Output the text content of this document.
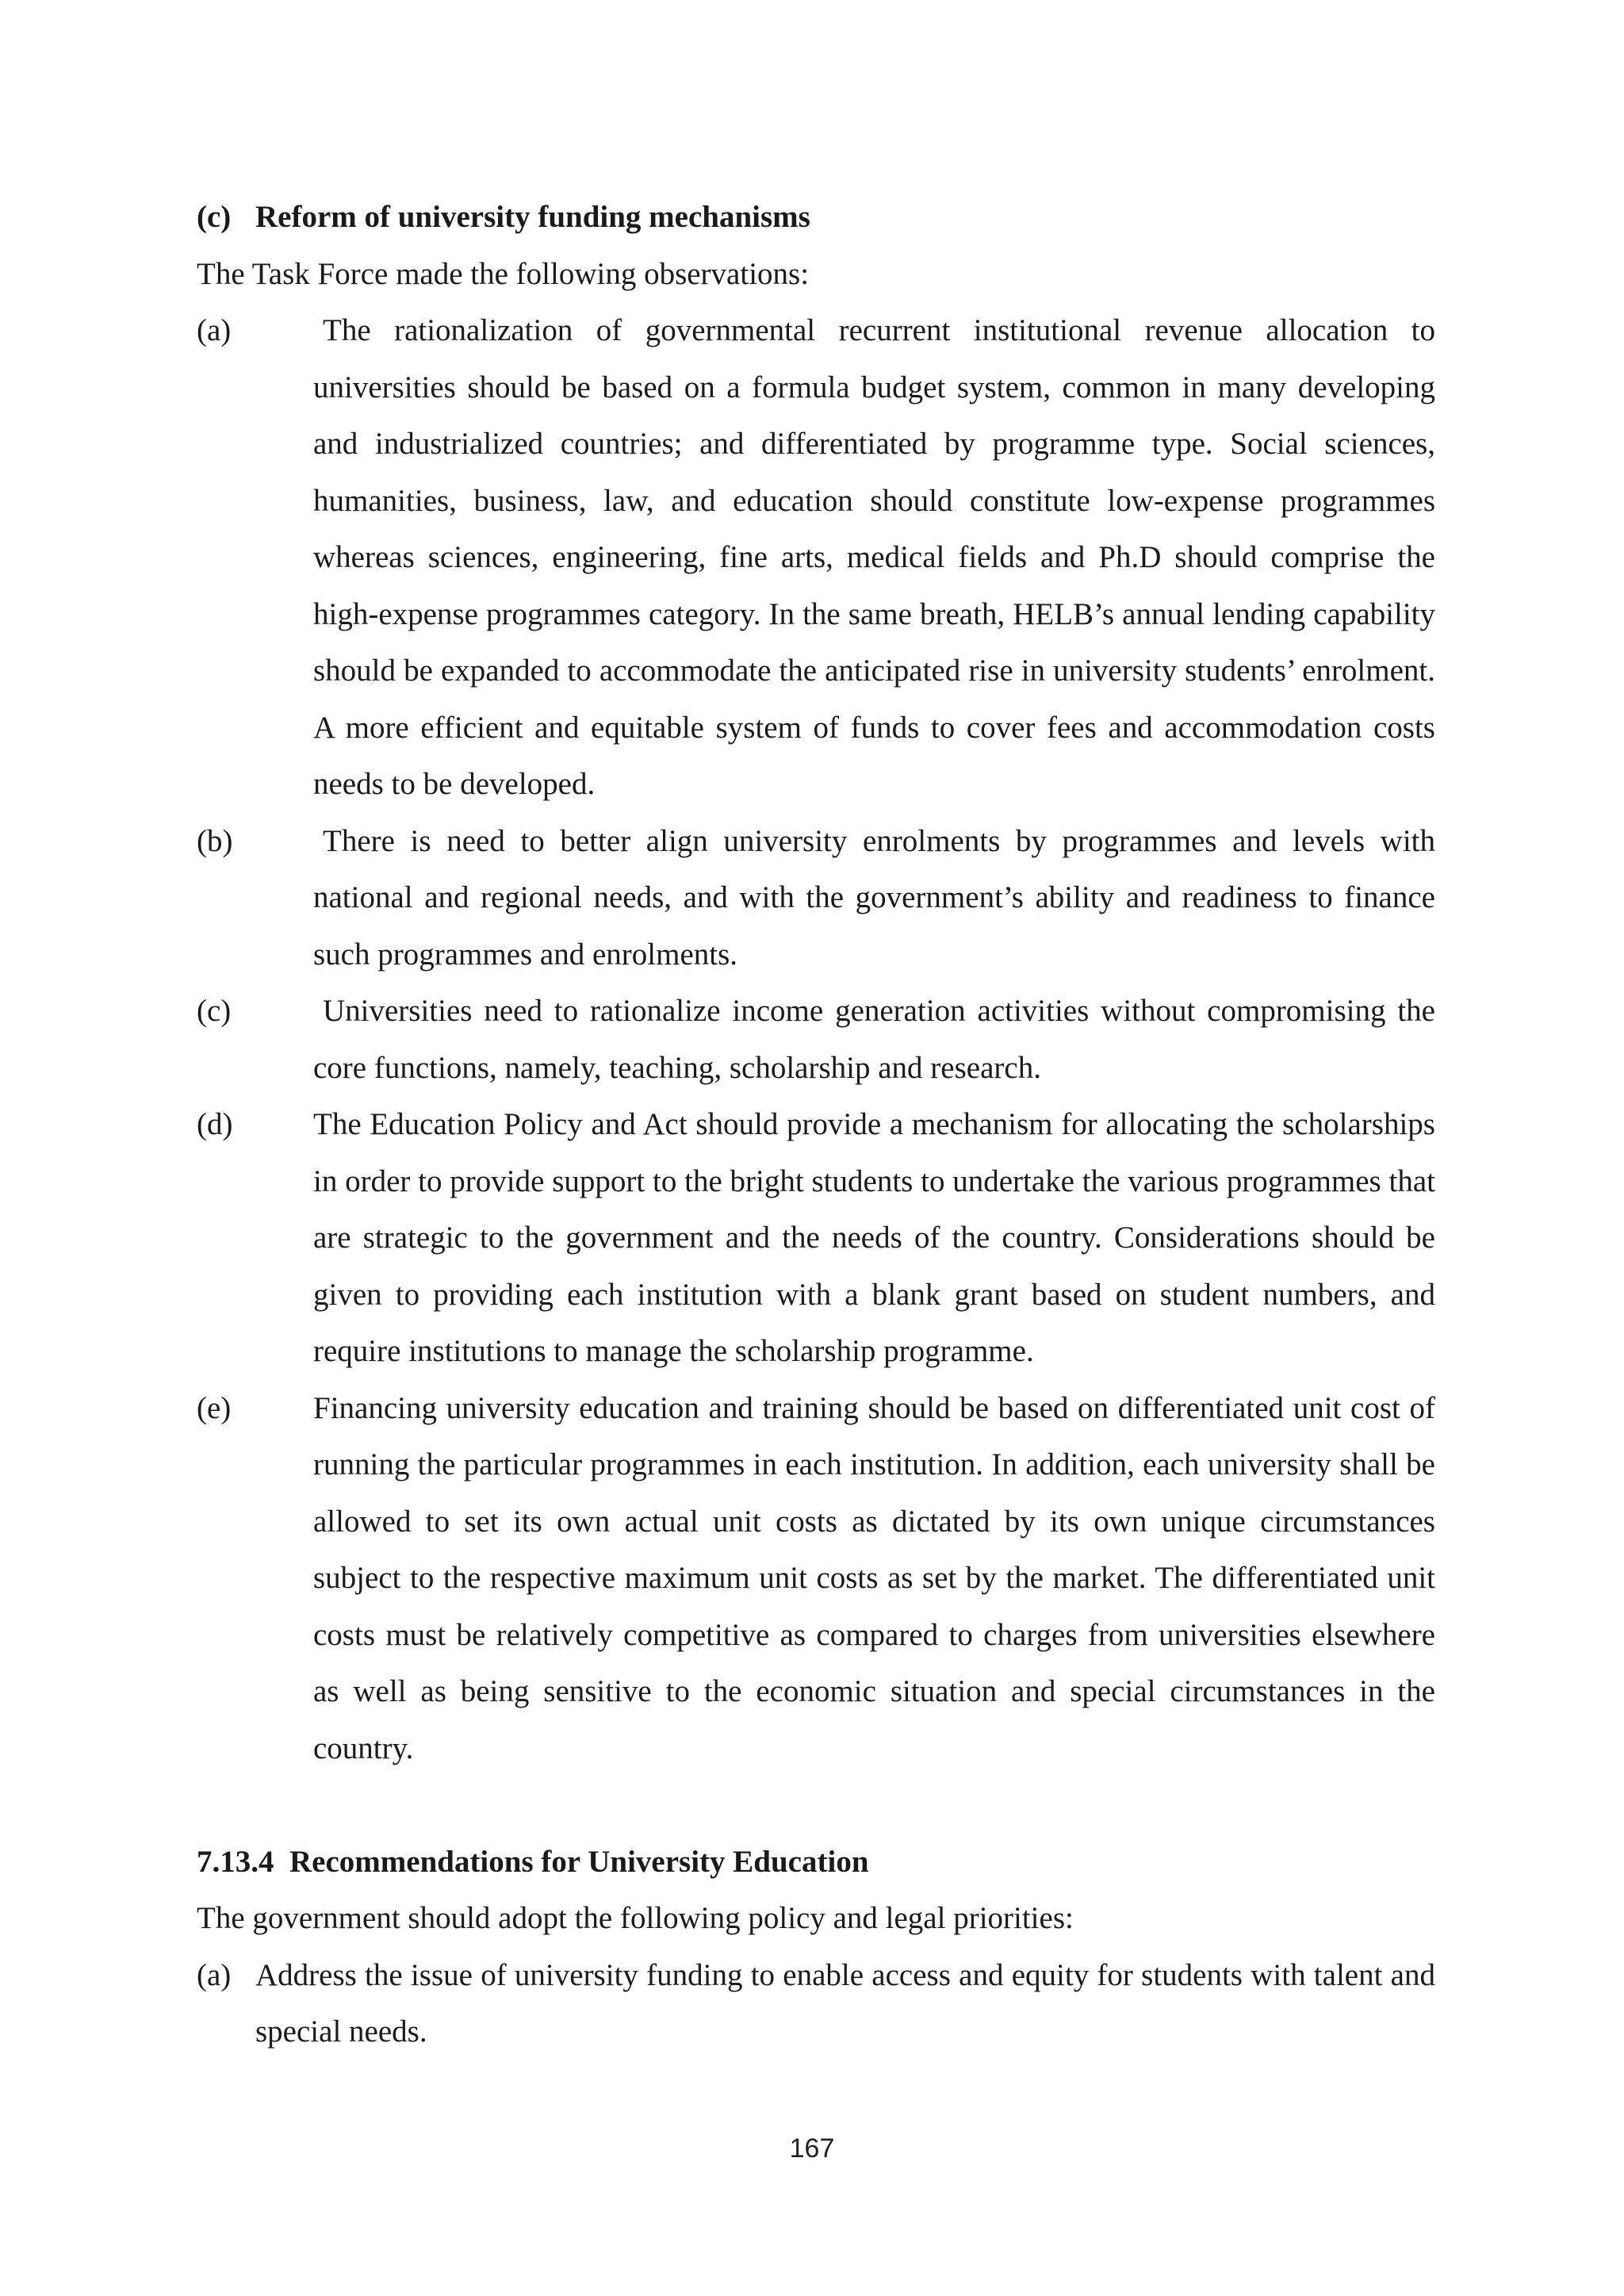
(c) Reform of university funding mechanisms

The Task Force made the following observations:

(a)	The rationalization of governmental recurrent institutional revenue allocation to universities should be based on a formula budget system, common in many developing and industrialized countries; and differentiated by programme type. Social sciences, humanities, business, law, and education should constitute low-expense programmes whereas sciences, engineering, fine arts, medical fields and Ph.D should comprise the high-expense programmes category. In the same breath, HELB’s annual lending capability should be expanded to accommodate the anticipated rise in university students’ enrolment. A more efficient and equitable system of funds to cover fees and accommodation costs needs to be developed.
(b)	There is need to better align university enrolments by programmes and levels with national and regional needs, and with the government’s ability and readiness to finance such programmes and enrolments.
(c)	Universities need to rationalize income generation activities without compromising the core functions, namely, teaching, scholarship and research.
(d)	The Education Policy and Act should provide a mechanism for allocating the scholarships in order to provide support to the bright students to undertake the various programmes that are strategic to the government and the needs of the country. Considerations should be given to providing each institution with a blank grant based on student numbers, and require institutions to manage the scholarship programme.
(e)	Financing university education and training should be based on differentiated unit cost of running the particular programmes in each institution. In addition, each university shall be allowed to set its own actual unit costs as dictated by its own unique circumstances subject to the respective maximum unit costs as set by the market. The differentiated unit costs must be relatively competitive as compared to charges from universities elsewhere as well as being sensitive to the economic situation and special circumstances in the country.

7.13.4 Recommendations for University Education

The government should adopt the following policy and legal priorities:

(a) Address the issue of university funding to enable access and equity for students with talent and special needs.
167
